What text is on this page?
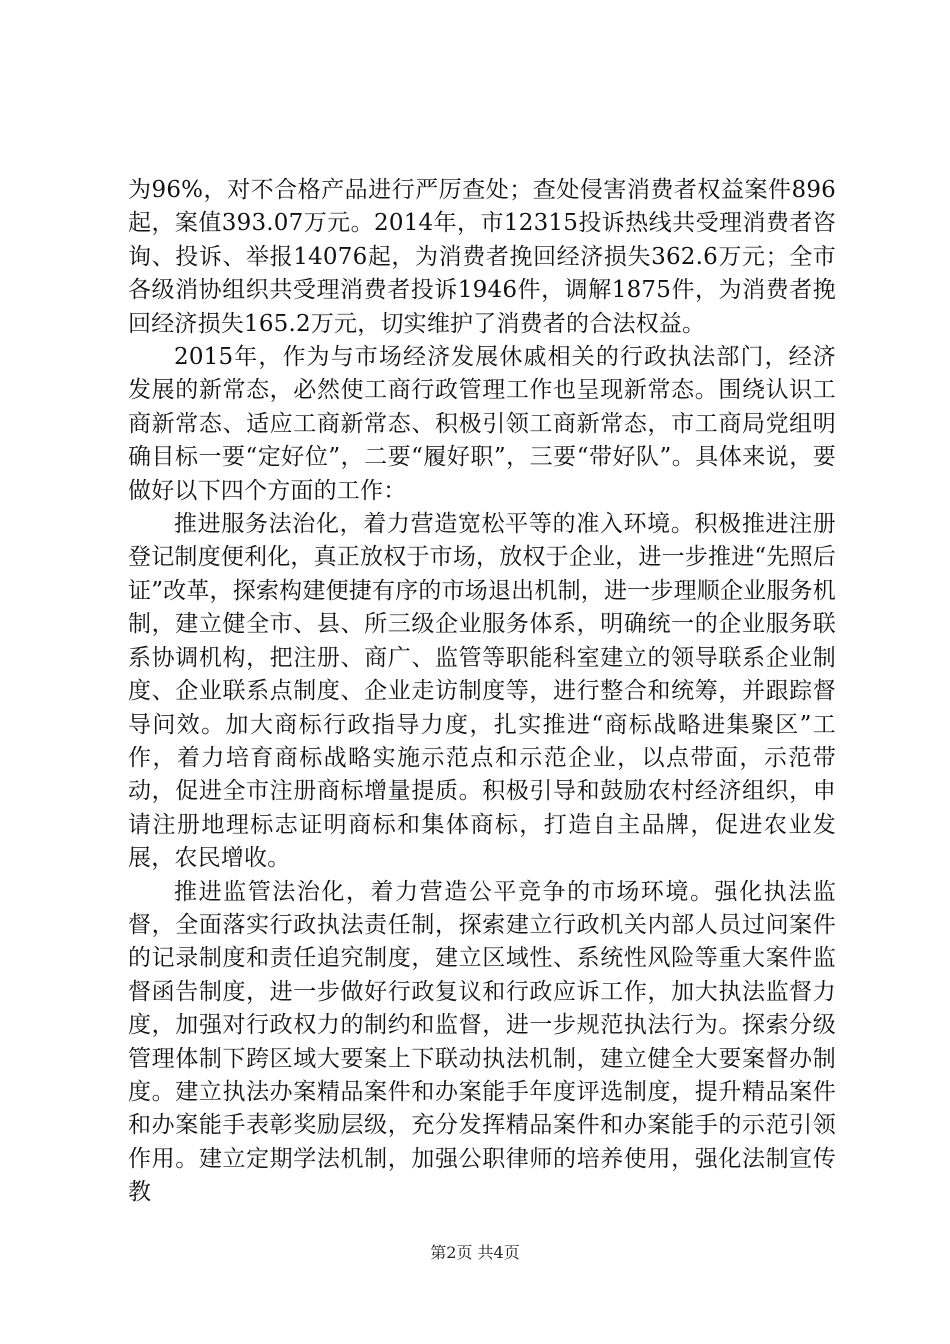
为96%，对不合格产品进行严厉查处；查处侵害消费者权益案件896起，案值393.07万元。2014年，市12315投诉热线共受理消费者咨询、投诉、举报14076起，为消费者挽回经济损失362.6万元；全市各级消协组织共受理消费者投诉1946件，调解1875件，为消费者挽回经济损失165.2万元，切实维护了消费者的合法权益。

2015年，作为与市场经济发展休戚相关的行政执法部门，经济发展的新常态，必然使工商行政管理工作也呈现新常态。围绕认识工商新常态、适应工商新常态、积极引领工商新常态，市工商局党组明确目标一要“定好位”，二要“履好职”，三要“带好队”。具体来说，要做好以下四个方面的工作：

推进服务法治化，着力营造宽松平等的准入环境。积极推进注册登记制度便利化，真正放权于市场，放权于企业，进一步推进“先照后证”改革，探索构建便捷有序的市场退出机制，进一步理顺企业服务机制，建立健全市、县、所三级企业服务体系，明确统一的企业服务联系协调机构，把注册、商广、监管等职能科室建立的领导联系企业制度、企业联系点制度、企业走访制度等，进行整合和统筹，并跟踪督导问效。加大商标行政指导力度，扎实推进“商标战略进集聚区”工作，着力培育商标战略实施示范点和示范企业，以点带面，示范带动，促进全市注册商标增量提质。积极引导和鼓励农村经济组织，申请注册地理标志证明商标和集体商标，打造自主品牌，促进农业发展，农民增收。

推进监管法治化，着力营造公平竞争的市场环境。强化执法监督，全面落实行政执法责任制，探索建立行政机关内部人员过问案件的记录制度和责任追究制度，建立区域性、系统性风险等重大案件监督函告制度，进一步做好行政复议和行政应诉工作，加大执法监督力度，加强对行政权力的制约和监督，进一步规范执法行为。探索分级管理体制下跨区域大要案上下联动执法机制，建立健全大要案督办制度。建立执法办案精品案件和办案能手年度评选制度，提升精品案件和办案能手表彰奖励层级，充分发挥精品案件和办案能手的示范引领作用。建立定期学法机制，加强公职律师的培养使用，强化法制宣传教

第2页 共4页
